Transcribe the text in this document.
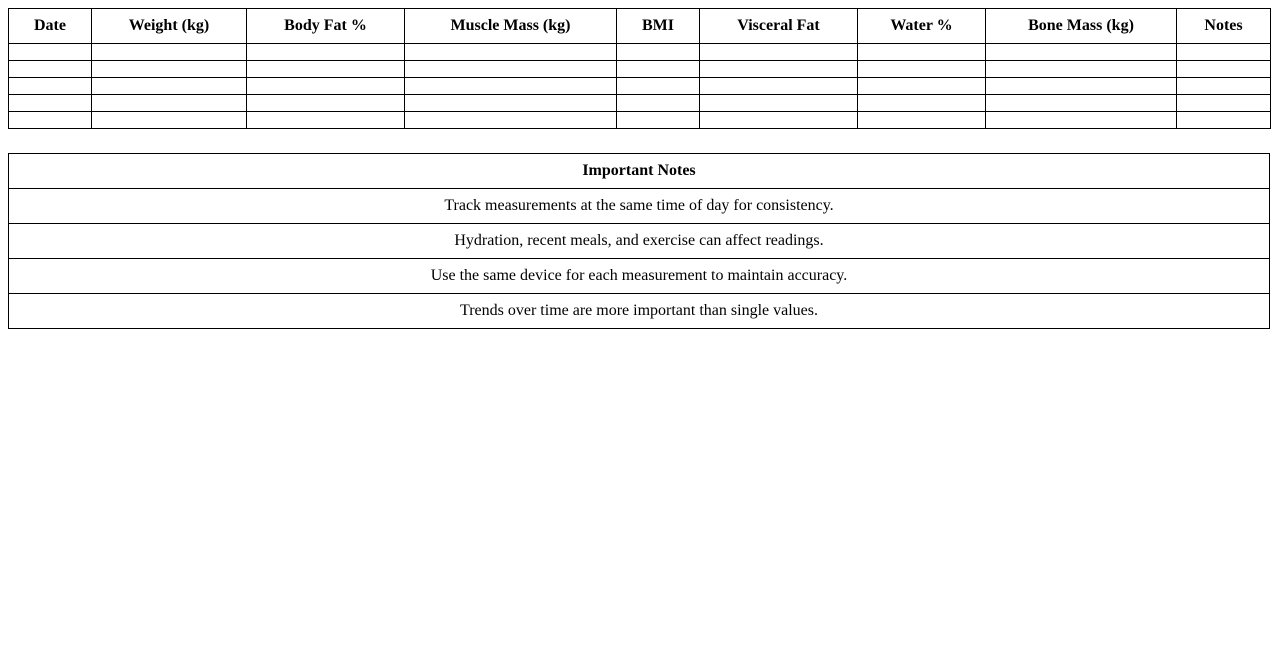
Date	Weight (kg)	Body Fat %	Muscle Mass (kg)	BMI	Visceral Fat	Water %	Bone Mass (kg)	Notes

Important Notes
Track measurements at the same time of day for consistency.
Hydration, recent meals, and exercise can affect readings.
Use the same device for each measurement to maintain accuracy.
Trends over time are more important than single values.
